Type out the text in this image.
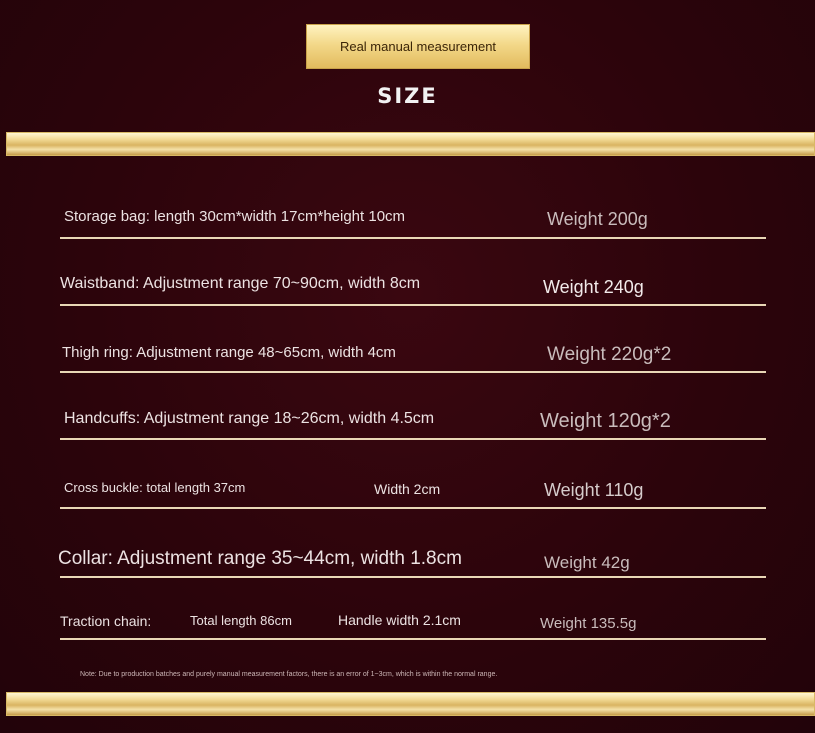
Real manual measurement
SIZE
Storage bag: length 30cm*width 17cm*height 10cm	Weight 200g
Waistband: Adjustment range 70~90cm, width 8cm	Weight 240g
Thigh ring: Adjustment range 48~65cm, width 4cm	Weight 220g*2
Handcuffs: Adjustment range 18~26cm, width 4.5cm	Weight 120g*2
Cross buckle: total length 37cm	Width 2cm	Weight 110g
Collar: Adjustment range 35~44cm, width 1.8cm	Weight 42g
Traction chain:	Total length 86cm	Handle width 2.1cm	Weight 135.5g
Note: Due to production batches and purely manual measurement factors, there is an error of 1~3cm, which is within the normal range.
